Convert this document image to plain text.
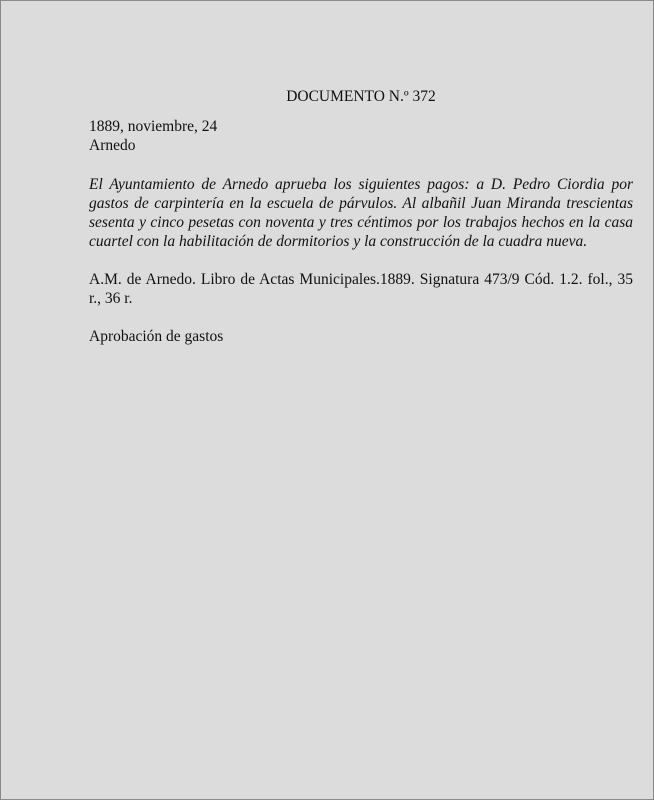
DOCUMENTO N.º 372

1889, noviembre, 24

Arnedo

El Ayuntamiento de Arnedo aprueba los siguientes pagos: a D. Pedro Ciordia por gastos de carpintería en la escuela de párvulos. Al albañil Juan Miranda trescientas sesenta y cinco pesetas con noventa y tres céntimos por los trabajos hechos en la casa cuartel con la habilitación de dormitorios y la construcción de la cuadra nueva.

A.M. de Arnedo. Libro de Actas Municipales.1889. Signatura 473/9 Cód. 1.2. fol., 35 r., 36 r.

Aprobación de gastos
